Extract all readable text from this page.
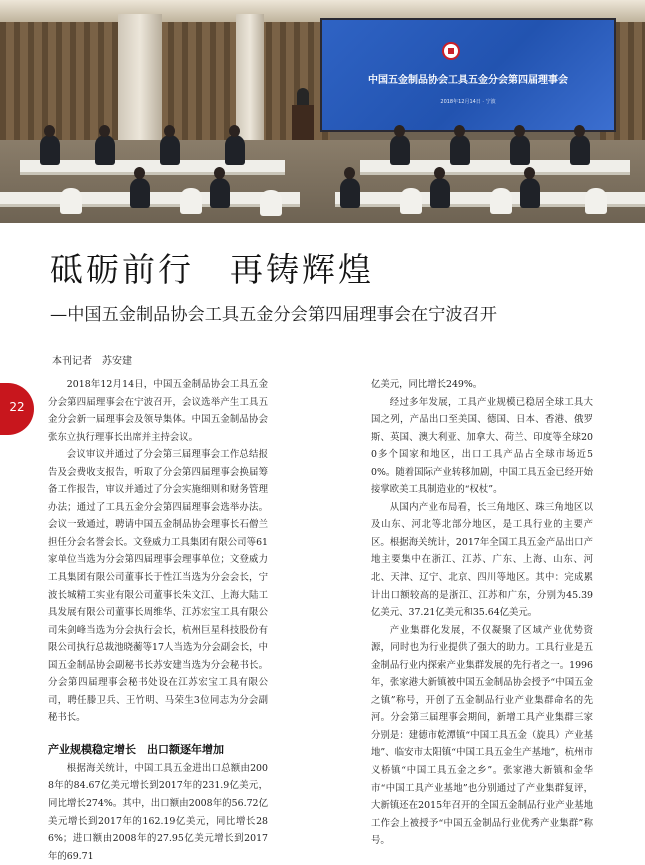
中国五金制品协会工具五金分会第四届理事会
2018年12月14日 · 宁波
砥砺前行　再铸辉煌
—中国五金制品协会工具五金分会第四届理事会在宁波召开
本刊记者　苏安建
22

2018年12月14日，中国五金制品协会工具五金分会第四届理事会在宁波召开，会议选举产生工具五金分会新一届理事会及领导集体。中国五金制品协会张东立执行理事长出席并主持会议。

会议审议并通过了分会第三届理事会工作总结报告及会费收支报告，听取了分会第四届理事会换届筹备工作报告，审议并通过了分会实施细则和财务管理办法；通过了工具五金分会第四届理事会选举办法。会议一致通过，聘请中国五金制品协会理事长石僧兰担任分会名誉会长。文登威力工具集团有限公司等61家单位当选为分会第四届理事会理事单位；文登威力工具集团有限公司董事长于性江当选为分会会长，宁波长城精工实业有限公司董事长朱文江、上海大陆工具发展有限公司董事长周维华、江苏宏宝工具有限公司朱剑峰当选为分会执行会长，杭州巨星科技股份有限公司执行总裁池晓蘅等17人当选为分会副会长，中国五金制品协会副秘书长苏安建当选为分会秘书长。分会第四届理事会秘书处设在江苏宏宝工具有限公司，聘任滕卫兵、王竹明、马荣生3位同志为分会副秘书长。

产业规模稳定增长　出口额逐年增加

根据海关统计，中国工具五金进出口总额由2008年的84.67亿美元增长到2017年的231.9亿美元，同比增长274%。其中，出口额由2008年的56.72亿美元增长到2017年的162.19亿美元，同比增长286%；进口额由2008年的27.95亿美元增长到2017年的69.71

亿美元，同比增长249%。

经过多年发展，工具产业规模已稳居全球工具大国之列，产品出口至美国、德国、日本、香港、俄罗斯、英国、澳大利亚、加拿大、荷兰、印度等全球200多个国家和地区，出口工具产品占全球市场近50%。随着国际产业转移加剧，中国工具五金已经开始接掌欧美工具制造业的“权杖”。

从国内产业布局看，长三角地区、珠三角地区以及山东、河北等北部分地区，是工具行业的主要产区。根据海关统计，2017年全国工具五金产品出口产地主要集中在浙江、江苏、广东、上海、山东、河北、天津、辽宁、北京、四川等地区。其中：完成累计出口额较高的是浙江、江苏和广东，分别为45.39亿美元、37.21亿美元和35.64亿美元。

产业集群化发展，不仅凝聚了区域产业优势资源，同时也为行业提供了强大的助力。工具行业是五金制品行业内探索产业集群发展的先行者之一。1996年，张家港大新镇被中国五金制品协会授予“中国五金之镇”称号，开创了五金制品行业产业集群命名的先河。分会第三届理事会期间，新增工具产业集群三家分别是：建德市乾潭镇“中国工具五金（旋具）产业基地”、临安市太阳镇“中国工具五金生产基地”，杭州市义桥镇“中国工具五金之乡”。张家港大新镇和金华市“中国工具产业基地”也分别通过了产业集群复评，大新镇还在2015年召开的全国五金制品行业产业基地工作会上被授予“中国五金制品行业优秀产业集群”称号。
